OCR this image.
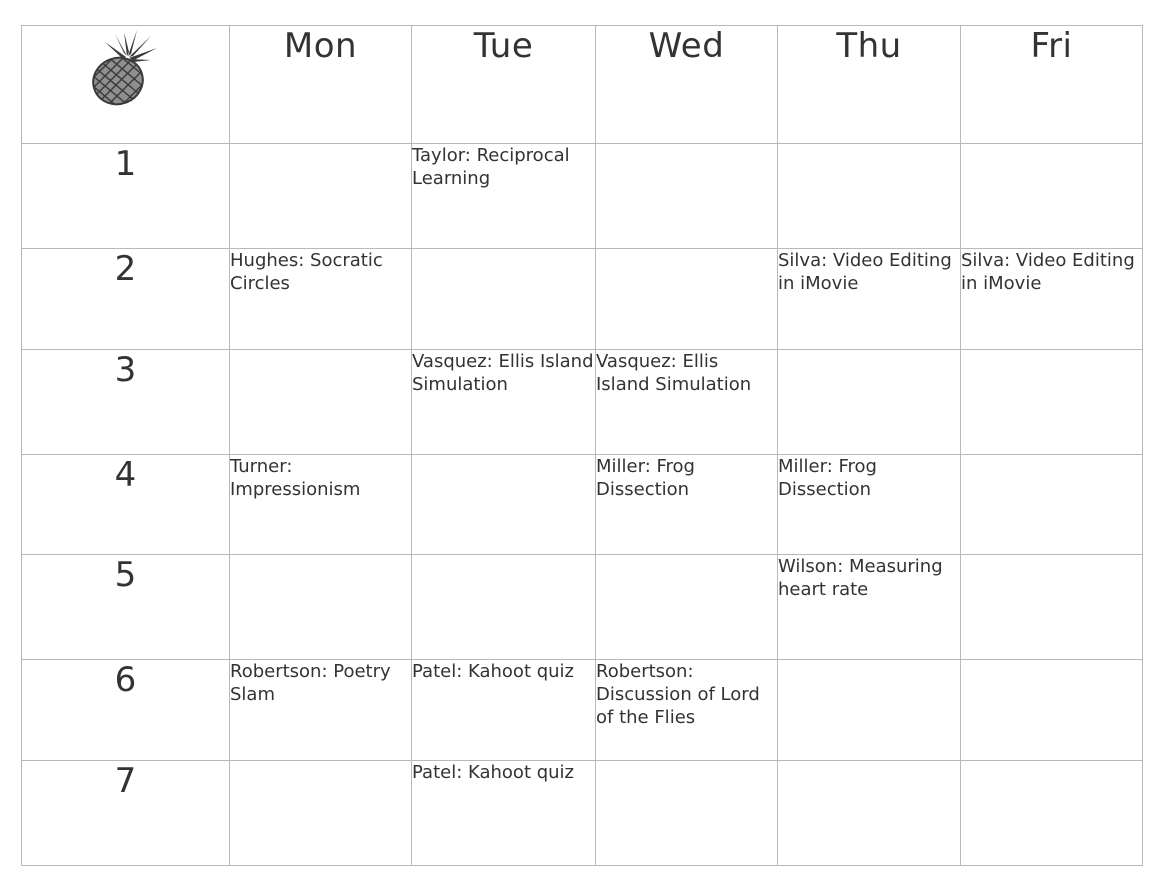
	Mon	Tue	Wed	Thu	Fri
1		Taylor: Reciprocal Learning			
2	Hughes: Socratic Circles			Silva: Video Editing in iMovie	Silva: Video Editing in iMovie
3		Vasquez: Ellis Island Simulation	Vasquez: Ellis Island Simulation		
4	Turner: Impressionism		Miller: Frog Dissection	Miller: Frog Dissection	
5				Wilson: Measuring heart rate	
6	Robertson: Poetry Slam	Patel: Kahoot quiz	Robertson: Discussion of Lord of the Flies		
7		Patel: Kahoot quiz			
